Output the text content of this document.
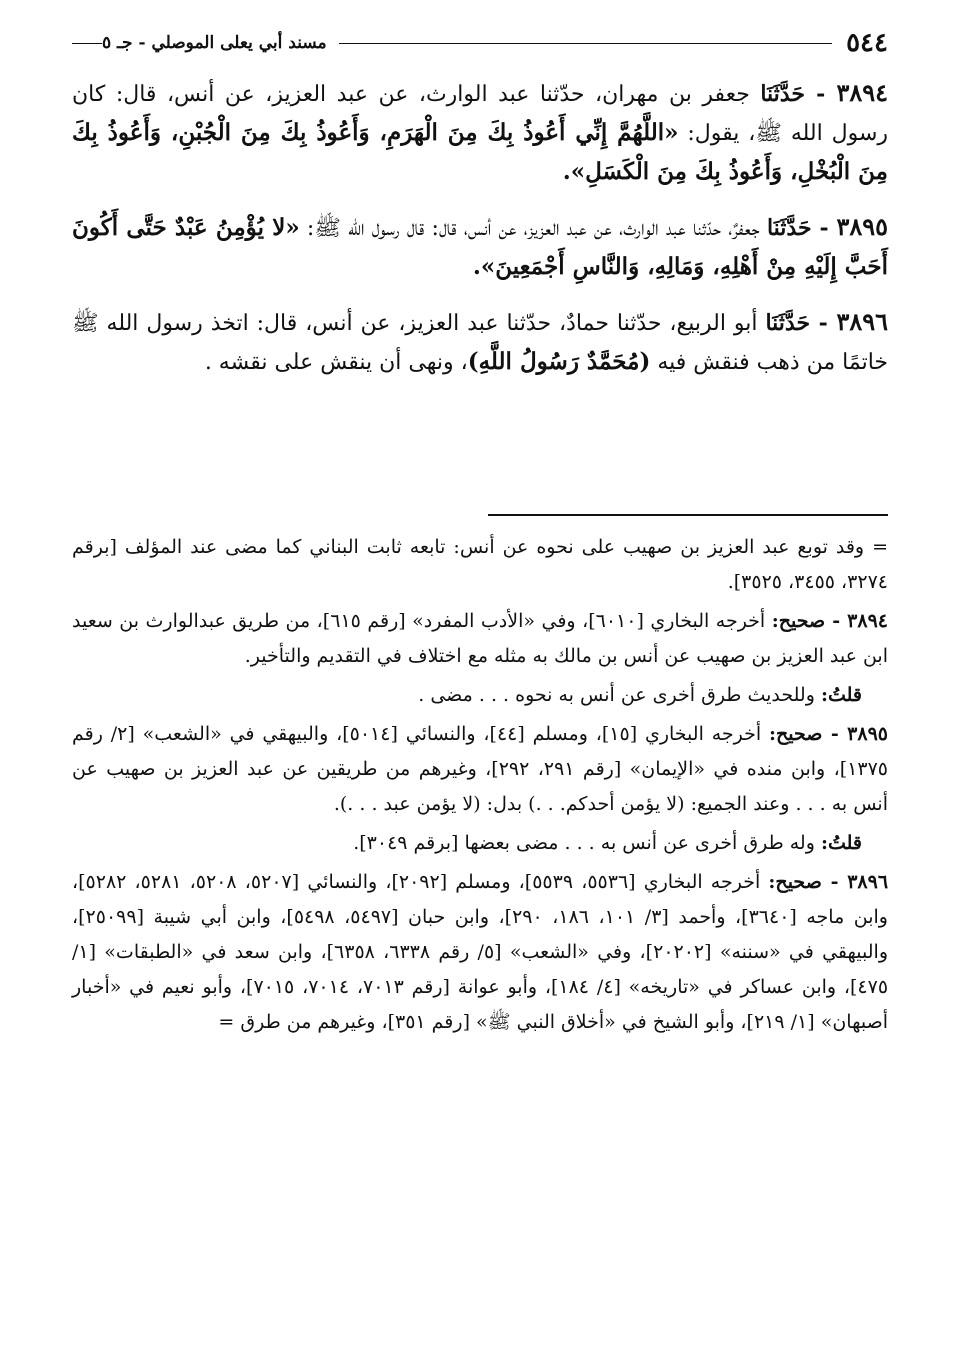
٥٤٤
مسند أبي يعلى الموصلي - جـ ٥

٣٨٩٤ - حَدَّثَنَا جعفر بن مهران، حدّثنا عبد الوارث، عن عبد العزيز، عن أنس، قال: كان رسول الله ﷺ، يقول: «اللَّهُمَّ إِنِّي أَعُوذُ بِكَ مِنَ الْهَرَمِ، وَأَعُوذُ بِكَ مِنَ الْجُبْنِ، وَأَعُوذُ بِكَ مِنَ الْبُخْلِ، وَأَعُوذُ بِكَ مِنَ الْكَسَلِ».

٣٨٩٥ - حَدَّثَنَا جعفرٌ، حدّثنا عبد الوارث، عن عبد العزيز، عن أنس، قال: قال رسول الله ﷺ: «لا يُؤْمِنُ عَبْدٌ حَتَّى أَكُونَ أَحَبَّ إِلَيْهِ مِنْ أَهْلِهِ، وَمَالِهِ، وَالنَّاسِ أَجْمَعِينَ».

٣٨٩٦ - حَدَّثَنَا أبو الربيع، حدّثنا حمادٌ، حدّثنا عبد العزيز، عن أنس، قال: اتخذ رسول الله ﷺ خاتمًا من ذهب فنقش فيه (مُحَمَّدٌ رَسُولُ اللَّهِ)، ونهى أن ينقش على نقشه .

= وقد توبع عبد العزيز بن صهيب على نحوه عن أنس: تابعه ثابت البناني كما مضى عند المؤلف [برقم ٣٢٧٤، ٣٤٥٥، ٣٥٢٥].

٣٨٩٤ - صحيح: أخرجه البخاري [٦٠١٠]، وفي «الأدب المفرد» [رقم ٦١٥]، من طريق عبدالوارث بن سعيد ابن عبد العزيز بن صهيب عن أنس بن مالك به مثله مع اختلاف في التقديم والتأخير.

قلتُ: وللحديث طرق أخرى عن أنس به نحوه . . . مضى .

٣٨٩٥ - صحيح: أخرجه البخاري [١٥]، ومسلم [٤٤]، والنسائي [٥٠١٤]، والبيهقي في «الشعب» [٢/ رقم ١٣٧٥]، وابن منده في «الإيمان» [رقم ٢٩١، ٢٩٢]، وغيرهم من طريقين عن عبد العزيز بن صهيب عن أنس به . . . وعند الجميع: (لا يؤمن أحدكم. . .) بدل: (لا يؤمن عبد . . .).

قلتُ: وله طرق أخرى عن أنس به . . . مضى بعضها [برقم ٣٠٤٩].

٣٨٩٦ - صحيح: أخرجه البخاري [٥٥٣٦، ٥٥٣٩]، ومسلم [٢٠٩٢]، والنسائي [٥٢٠٧، ٥٢٠٨، ٥٢٨١، ٥٢٨٢]، وابن ماجه [٣٦٤٠]، وأحمد [٣/ ١٠١، ١٨٦، ٢٩٠]، وابن حبان [٥٤٩٧، ٥٤٩٨]، وابن أبي شيبة [٢٥٠٩٩]، والبيهقي في «سننه» [٢٠٢٠٢]، وفي «الشعب» [٥/ رقم ٦٣٣٨، ٦٣٥٨]، وابن سعد في «الطبقات» [١/ ٤٧٥]، وابن عساكر في «تاريخه» [٤/ ١٨٤]، وأبو عوانة [رقم ٧٠١٣، ٧٠١٤، ٧٠١٥]، وأبو نعيم في «أخبار أصبهان» [١/ ٢١٩]، وأبو الشيخ في «أخلاق النبي ﷺ» [رقم ٣٥١]، وغيرهم من طرق =
